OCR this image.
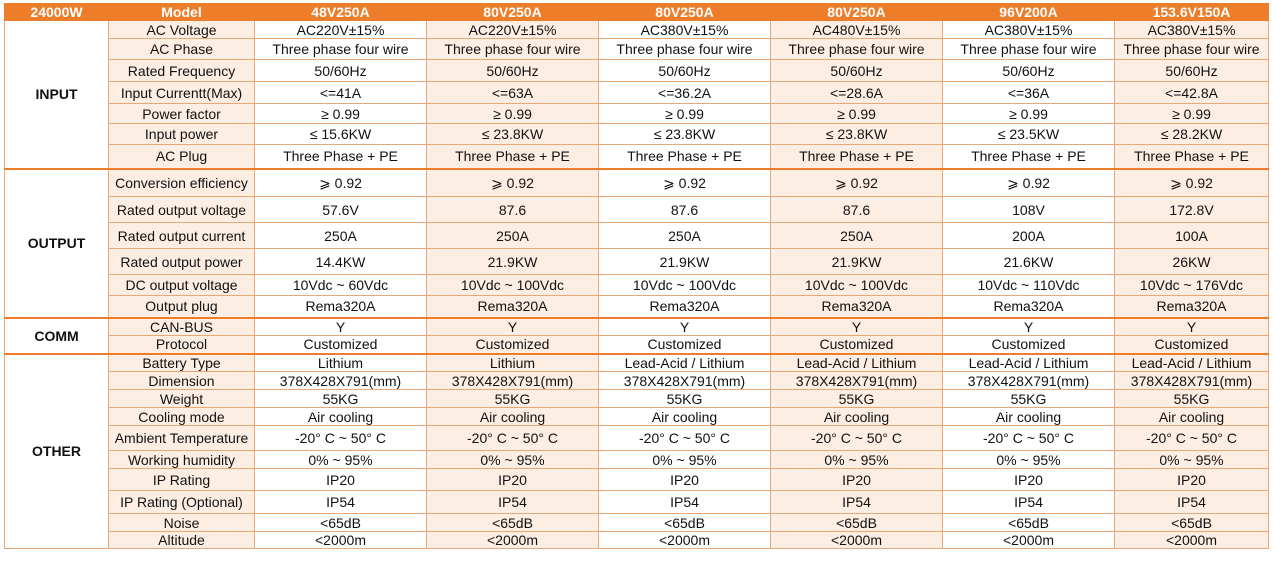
24000W	Model	48V250A	80V250A	80V250A	80V250A	96V200A	153.6V150A
INPUT	AC Voltage	AC220V±15%	AC220V±15%	AC380V±15%	AC480V±15%	AC380V±15%	AC380V±15%
	AC Phase	Three phase four wire	Three phase four wire	Three phase four wire	Three phase four wire	Three phase four wire	Three phase four wire
	Rated Frequency	50/60Hz	50/60Hz	50/60Hz	50/60Hz	50/60Hz	50/60Hz
	Input Currentt(Max)	<=41A	<=63A	<=36.2A	<=28.6A	<=36A	<=42.8A
	Power factor	≥ 0.99	≥ 0.99	≥ 0.99	≥ 0.99	≥ 0.99	≥ 0.99
	Input power	≤ 15.6KW	≤ 23.8KW	≤ 23.8KW	≤ 23.8KW	≤ 23.5KW	≤ 28.2KW
	AC Plug	Three Phase + PE	Three Phase + PE	Three Phase + PE	Three Phase + PE	Three Phase + PE	Three Phase + PE
OUTPUT	Conversion efficiency	⩾ 0.92	⩾ 0.92	⩾ 0.92	⩾ 0.92	⩾ 0.92	⩾ 0.92
	Rated output voltage	57.6V	87.6	87.6	87.6	108V	172.8V
	Rated output current	250A	250A	250A	250A	200A	100A
	Rated output power	14.4KW	21.9KW	21.9KW	21.9KW	21.6KW	26KW
	DC output voltage	10Vdc ~ 60Vdc	10Vdc ~ 100Vdc	10Vdc ~ 100Vdc	10Vdc ~ 100Vdc	10Vdc ~ 110Vdc	10Vdc ~ 176Vdc
	Output plug	Rema320A	Rema320A	Rema320A	Rema320A	Rema320A	Rema320A
COMM	CAN-BUS	Y	Y	Y	Y	Y	Y
	Protocol	Customized	Customized	Customized	Customized	Customized	Customized
OTHER	Battery Type	Lithium	Lithium	Lead-Acid / Lithium	Lead-Acid / Lithium	Lead-Acid / Lithium	Lead-Acid / Lithium
	Dimension	378X428X791(mm)	378X428X791(mm)	378X428X791(mm)	378X428X791(mm)	378X428X791(mm)	378X428X791(mm)
	Weight	55KG	55KG	55KG	55KG	55KG	55KG
	Cooling mode	Air cooling	Air cooling	Air cooling	Air cooling	Air cooling	Air cooling
	Ambient Temperature	-20° C ~ 50° C	-20° C ~ 50° C	-20° C ~ 50° C	-20° C ~ 50° C	-20° C ~ 50° C	-20° C ~ 50° C
	Working humidity	0% ~ 95%	0% ~ 95%	0% ~ 95%	0% ~ 95%	0% ~ 95%	0% ~ 95%
	IP Rating	IP20	IP20	IP20	IP20	IP20	IP20
	IP Rating (Optional)	IP54	IP54	IP54	IP54	IP54	IP54
	Noise	<65dB	<65dB	<65dB	<65dB	<65dB	<65dB
	Altitude	<2000m	<2000m	<2000m	<2000m	<2000m	<2000m
